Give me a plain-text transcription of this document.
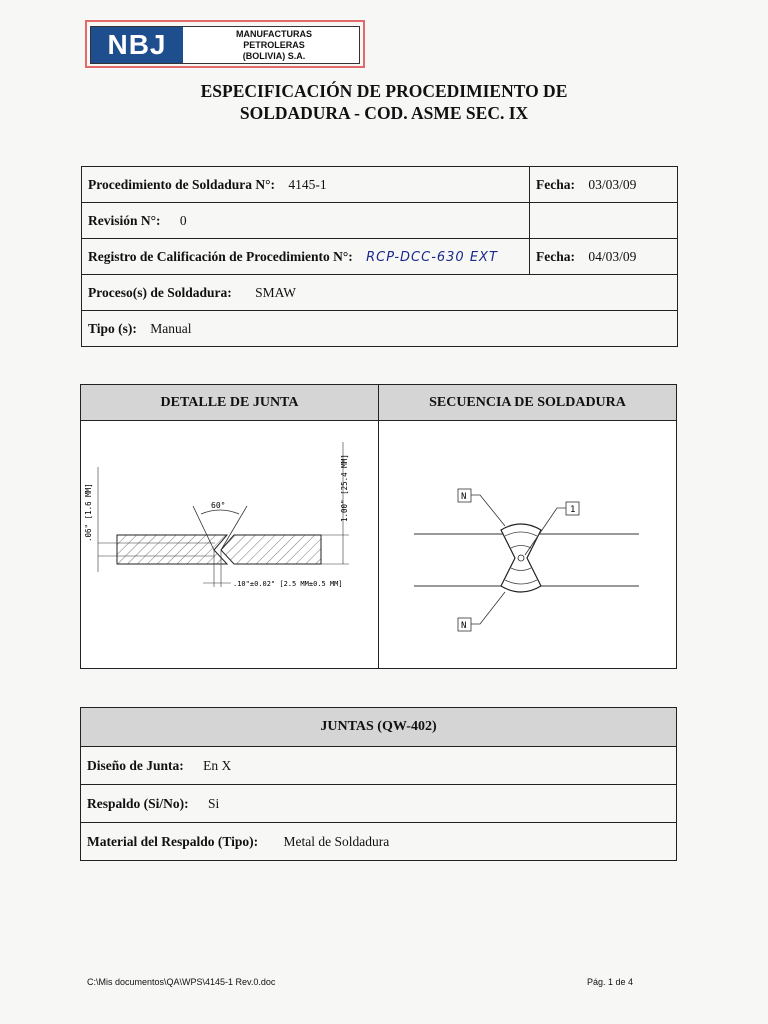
NBJ	MANUFACTURAS
PETROLERAS
(BOLIVIA) S.A.
ESPECIFICACIÓN DE PROCEDIMIENTO DE
SOLDADURA - COD. ASME SEC. IX
Procedimiento de Soldadura N°: 4145-1	Fecha: 03/03/09
Revisión N°: 0	
Registro de Calificación de Procedimiento N°: RCP-DCC-630 EXT	Fecha: 04/03/09
Proceso(s) de Soldadura: SMAW	
Tipo (s): Manual	
DETALLE DE JUNTA	SECUENCIA DE SOLDADURA
60°
.06" [1.6 MM]	1.00" [25.4 MM]
.10"±0.02" [2.5 MM±0.5 MM]
N
1
N
JUNTAS (QW-402)
Diseño de Junta: En X
Respaldo (Si/No): Si
Material del Respaldo (Tipo): Metal de Soldadura
C:\Mis documentos\QA\WPS\4145-1 Rev.0.doc	Pág. 1 de 4
